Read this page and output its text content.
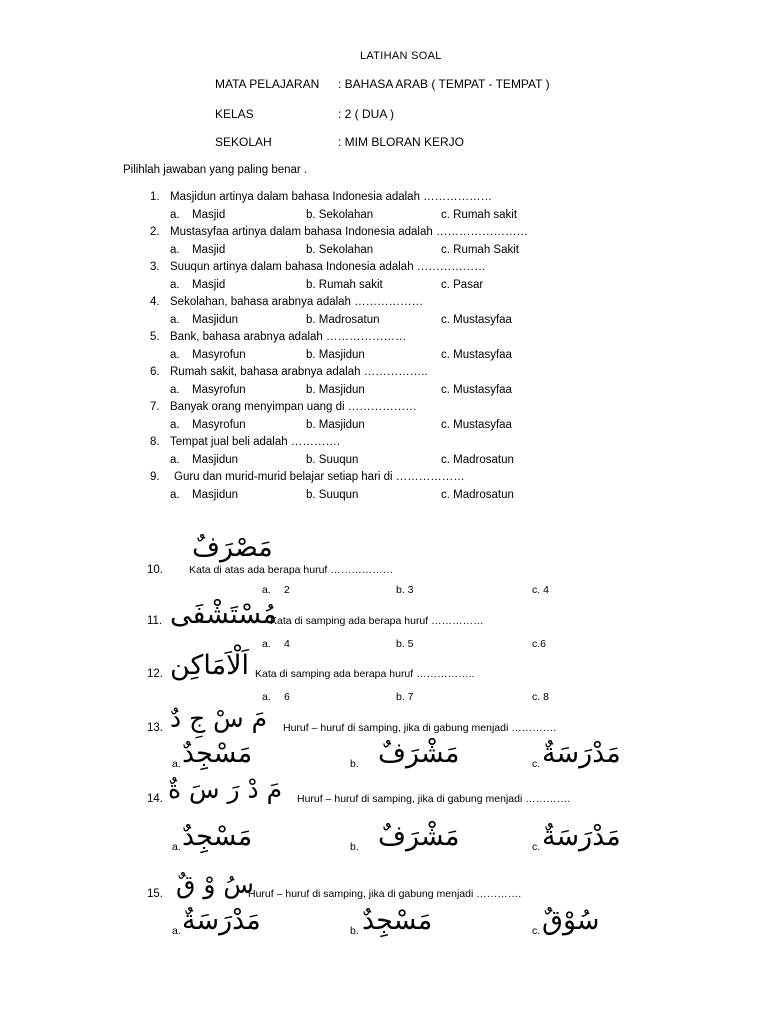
LATIHAN SOAL
MATA PELAJARAN : BAHASA ARAB ( TEMPAT - TEMPAT )
KELAS	: 2 ( DUA )
SEKOLAH	: MIM BLORAN KERJO
Pilihlah jawaban yang paling benar .
1. Masjidun artinya dalam bahasa Indonesia adalah ………………
a. Masjid	b. Sekolahan	c. Rumah sakit
2. Mustasyfaa artinya dalam bahasa Indonesia adalah ……………………
a. Masjid	b. Sekolahan	c. Rumah Sakit
3. Suuqun artinya dalam bahasa Indonesia adalah ………………
a. Masjid	b. Rumah sakit	c. Pasar
4. Sekolahan, bahasa arabnya adalah ………………
a. Masjidun	b. Madrosatun	c. Mustasyfaa
5. Bank, bahasa arabnya adalah …………………
a. Masyrofun	b. Masjidun	c. Mustasyfaa
6. Rumah sakit, bahasa arabnya adalah ……………..
a. Masyrofun	b. Masjidun	c. Mustasyfaa
7. Banyak orang menyimpan uang di ………………
a. Masyrofun	b. Masjidun	c. Mustasyfaa
8. Tempat jual beli adalah ………….
a. Masjidun	b. Suuqun	c. Madrosatun
9. Guru dan murid-murid belajar setiap hari di ………………
a. Masjidun	b. Suuqun	c. Madrosatun
مَصْرَفٌ
10. Kata di atas ada berapa huruf ………………
a. 2	b. 3	c. 4
11. مُسْتَشْفَى
Kata di samping ada berapa huruf ……………
a. 4	b. 5	c.6
12. اَلْاَمَاكِن Kata di samping ada berapa huruf ……………..
a. 6	b. 7	c. 8
13. مَ سْ جِ دٌ Huruf – huruf di samping, jika di gabung menjadi ………….
a. مَسْجِدٌ	b. مَشْرَفٌ	c. مَدْرَسَةٌ
14. مَ دْ رَ سَ ةٌ Huruf – huruf di samping, jika di gabung menjadi ………….
a. مَسْجِدٌ	b. مَشْرَفٌ	c. مَدْرَسَةٌ
15. سُ وْ قٌ
Huruf – huruf di samping, jika di gabung menjadi ………….
a. مَدْرَسَةٌ	b. مَسْجِدٌ	c. سُوْقٌ
